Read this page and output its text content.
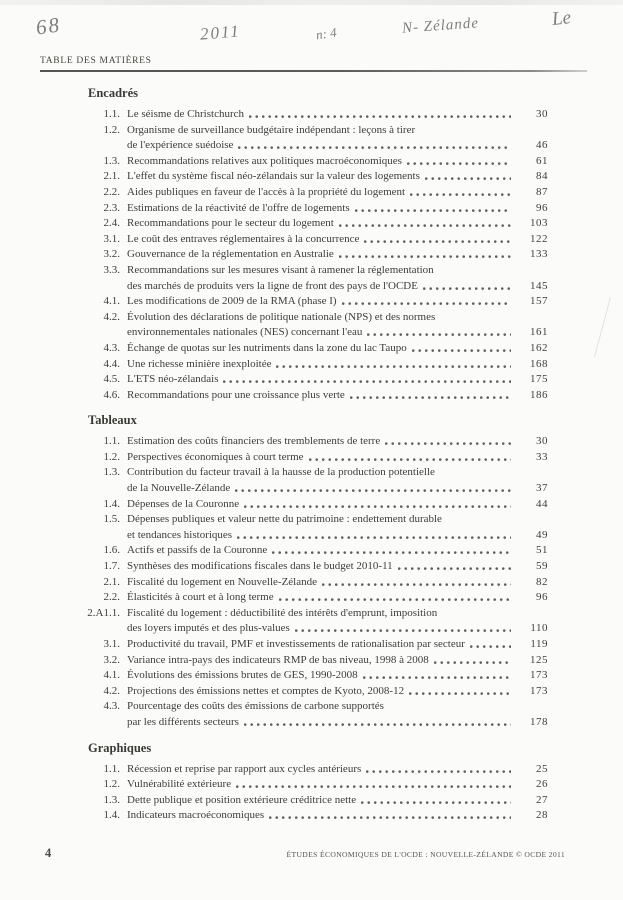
68	2011	n: 4	N- Zélande	Le
TABLE DES MATIÈRES
Encadrés
1.1. Le séisme de Christchurch	30
1.2. Organisme de surveillance budgétaire indépendant : leçons à tirer
de l'expérience suédoise	46
1.3. Recommandations relatives aux politiques macroéconomiques	61
2.1. L'effet du système fiscal néo-zélandais sur la valeur des logements	84
2.2. Aides publiques en faveur de l'accès à la propriété du logement	87
2.3. Estimations de la réactivité de l'offre de logements	96
2.4. Recommandations pour le secteur du logement	103
3.1. Le coût des entraves réglementaires à la concurrence	122
3.2. Gouvernance de la réglementation en Australie	133
3.3. Recommandations sur les mesures visant à ramener la réglementation
des marchés de produits vers la ligne de front des pays de l'OCDE	145
4.1. Les modifications de 2009 de la RMA (phase I)	157
4.2. Évolution des déclarations de politique nationale (NPS) et des normes
environnementales nationales (NES) concernant l'eau	161
4.3. Échange de quotas sur les nutriments dans la zone du lac Taupo	162
4.4. Une richesse minière inexploitée	168
4.5. L'ETS néo-zélandais	175
4.6. Recommandations pour une croissance plus verte	186
Tableaux
1.1. Estimation des coûts financiers des tremblements de terre	30
1.2. Perspectives économiques à court terme	33
1.3. Contribution du facteur travail à la hausse de la production potentielle
de la Nouvelle-Zélande	37
1.4. Dépenses de la Couronne	44
1.5. Dépenses publiques et valeur nette du patrimoine : endettement durable
et tendances historiques	49
1.6. Actifs et passifs de la Couronne	51
1.7. Synthèses des modifications fiscales dans le budget 2010-11	59
2.1. Fiscalité du logement en Nouvelle-Zélande	82
2.2. Élasticités à court et à long terme	96
2.A1.1. Fiscalité du logement : déductibilité des intérêts d'emprunt, imposition
des loyers imputés et des plus-values	110
3.1. Productivité du travail, PMF et investissements de rationalisation par secteur	119
3.2. Variance intra-pays des indicateurs RMP de bas niveau, 1998 à 2008	125
4.1. Évolutions des émissions brutes de GES, 1990-2008	173
4.2. Projections des émissions nettes et comptes de Kyoto, 2008-12	173
4.3. Pourcentage des coûts des émissions de carbone supportés
par les différents secteurs	178
Graphiques
1.1. Récession et reprise par rapport aux cycles antérieurs	25
1.2. Vulnérabilité extérieure	26
1.3. Dette publique et position extérieure créditrice nette	27
1.4. Indicateurs macroéconomiques	28
4	ÉTUDES ÉCONOMIQUES DE L'OCDE : NOUVELLE-ZÉLANDE © OCDE 2011
